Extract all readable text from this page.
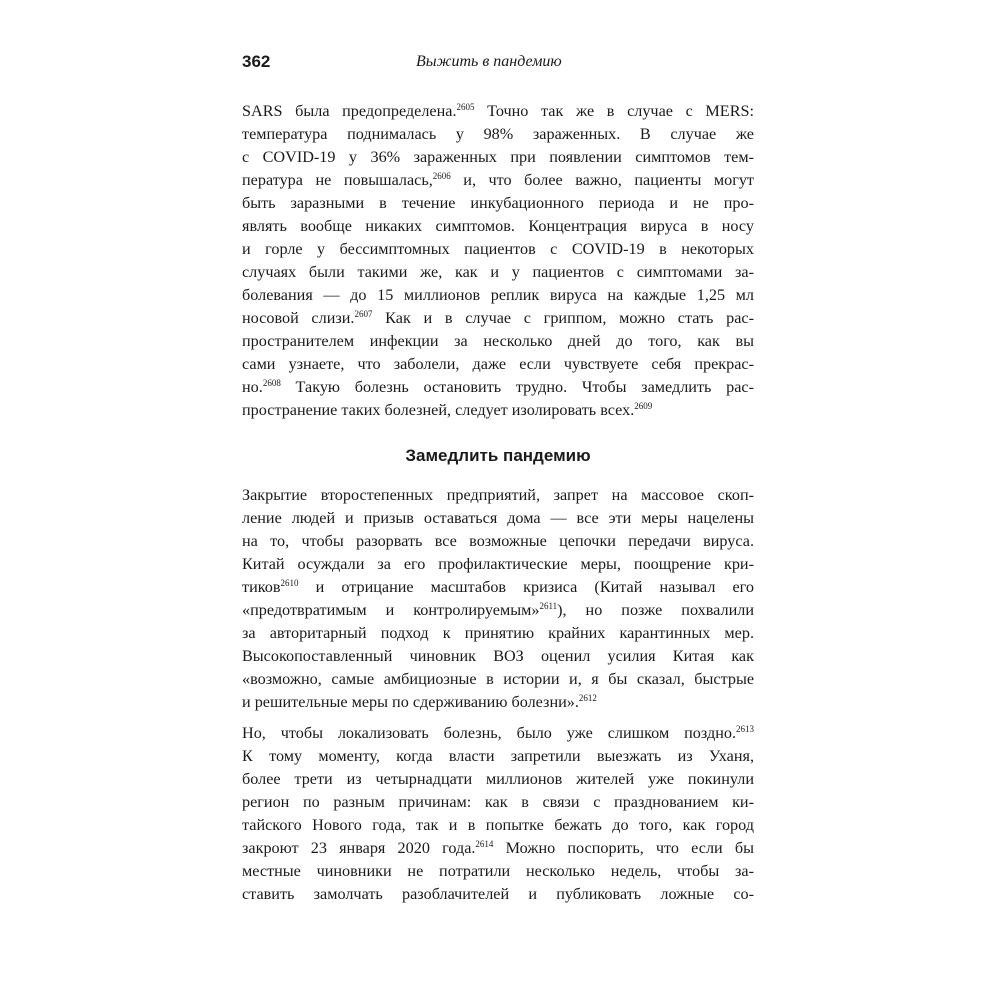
362	Выжить в пандемию

SARS была предопределена.$^{2605}$ Точно так же в случае с MERS:
температура поднималась у 98% зараженных. В случае же
с COVID-19 у 36% зараженных при появлении симптомов тем-
пература не повышалась,$^{2606}$ и, что более важно, пациенты могут
быть заразными в течение инкубационного периода и не про-
являть вообще никаких симптомов. Концентрация вируса в носу
и горле у бессимптомных пациентов с COVID-19 в некоторых
случаях были такими же, как и у пациентов с симптомами за-
болевания — до 15 миллионов реплик вируса на каждые 1,25 мл
носовой слизи.$^{2607}$ Как и в случае с гриппом, можно стать рас-
пространителем инфекции за несколько дней до того, как вы
сами узнаете, что заболели, даже если чувствуете себя прекрас-
но.$^{2608}$ Такую болезнь остановить трудно. Чтобы замедлить рас-
пространение таких болезней, следует изолировать всех.$^{2609}$

Замедлить пандемию

Закрытие второстепенных предприятий, запрет на массовое скоп-
ление людей и призыв оставаться дома — все эти меры нацелены
на то, чтобы разорвать все возможные цепочки передачи вируса.
Китай осуждали за его профилактические меры, поощрение кри-
тиков$^{2610}$ и отрицание масштабов кризиса (Китай называл его
«предотвратимым и контролируемым»$^{2611}$), но позже похвалили
за авторитарный подход к принятию крайних карантинных мер.
Высокопоставленный чиновник ВОЗ оценил усилия Китая как
«возможно, самые амбициозные в истории и, я бы сказал, быстрые
и решительные меры по сдерживанию болезни».$^{2612}$

Но, чтобы локализовать болезнь, было уже слишком поздно.$^{2613}$
К тому моменту, когда власти запретили выезжать из Уханя,
более трети из четырнадцати миллионов жителей уже покинули
регион по разным причинам: как в связи с празднованием ки-
тайского Нового года, так и в попытке бежать до того, как город
закроют 23 января 2020 года.$^{2614}$ Можно поспорить, что если бы
местные чиновники не потратили несколько недель, чтобы за-
ставить замолчать разоблачителей и публиковать ложные со-
